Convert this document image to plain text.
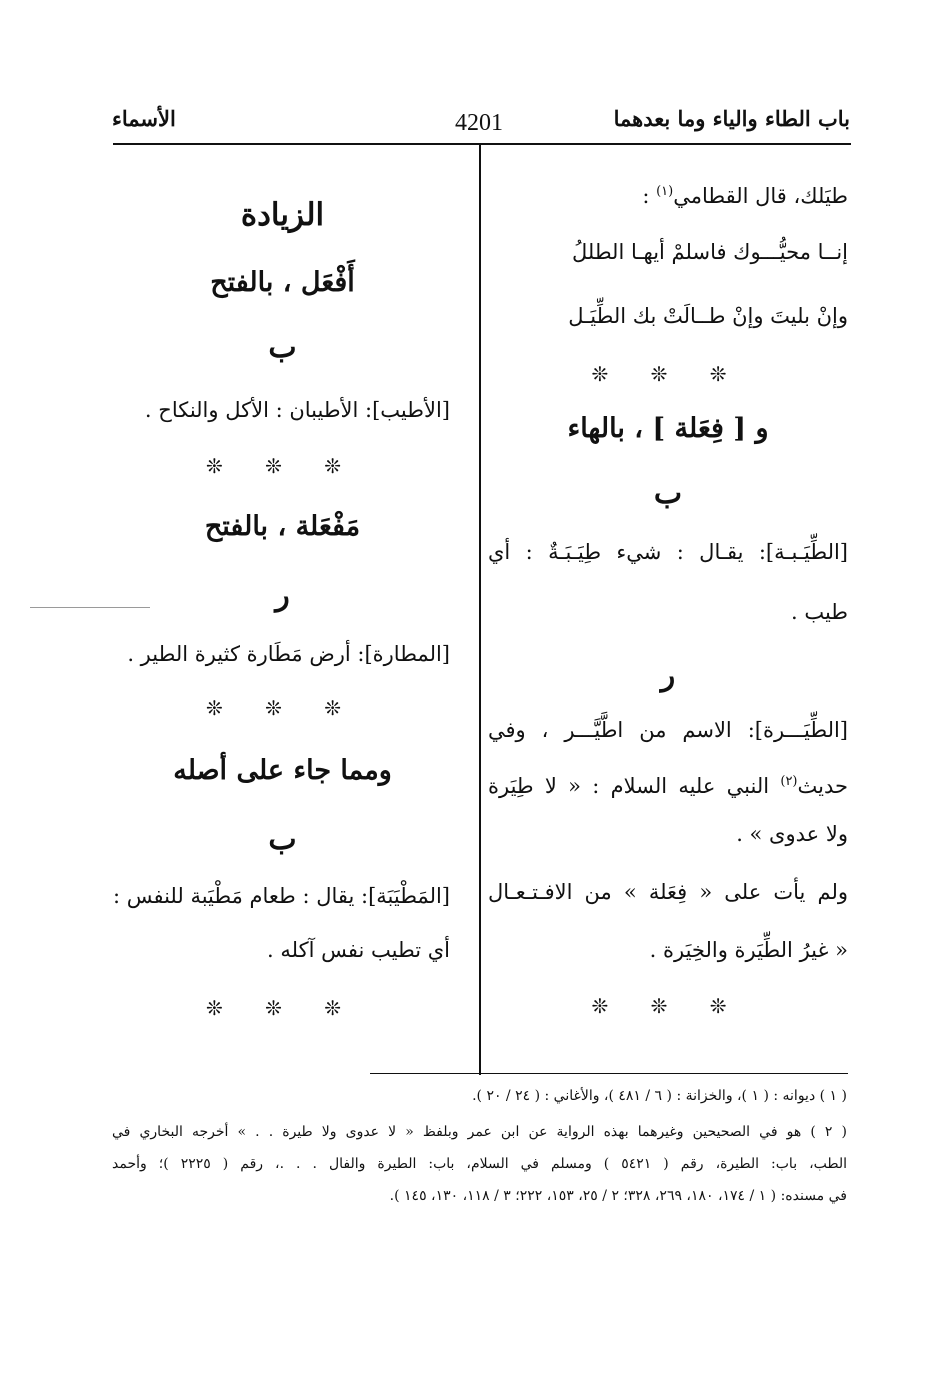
باب الطاء والياء وما بعدهما
4201
الأسماء
طيَلك، قال القطامي$^{(١)}$ :
إنــا محيُّـــوك فاسلمْ أيهـا الطللُ
وإنْ بليتَ وإنْ طــالَتْ بك الطِّيَـل
❊ ❊ ❊
و [ فِعَلة ] ، بالهاء
ب
[الطِّيَـبـة]: يقـال : شيء طِيَـبَـةٌ : أي
طيب .
ر
[الطِّيَـــرة]: الاسم من اطَّيَّـــر ، وفي
حديث$^{(٢)}$ النبي عليه السلام : « لا طِيَرة
ولا عدوى » .
ولم يأت على « فِعَلة » من الافـتـعـال
« غيرُ الطِّيَرة والخِيَرة .
❊ ❊ ❊
الزيادة
أَفْعَل ، بالفتح
ب
[الأطيب]: الأطيبان : الأكل والنكاح .
❊ ❊ ❊
مَفْعَلة ، بالفتح
ر
[المطارة]: أرض مَطَارة كثيرة الطير .
❊ ❊ ❊
ومما جاء على أصله
ب
[المَطْيَبَة]: يقال : طعام مَطْيَبة للنفس :
أي تطيب نفس آكله .
❊ ❊ ❊
( ١ ) ديوانه : ( ١ )، والخزانة : ( ٦ / ٤٨١ )، والأغاني : ( ٢٤ / ٢٠ ).
( ٢ ) هو في الصحيحين وغيرهما بهذه الرواية عن ابن عمر وبلفظ « لا عدوى ولا طيرة . . » أخرجه البخاري في
الطب، باب: الطيرة، رقم ( ٥٤٢١ ) ومسلم في السلام، باب: الطيرة والفال . . .، رقم ( ٢٢٢٥ )؛ وأحمد
في مسنده: ( ١ / ١٧٤، ١٨٠، ٢٦٩، ٣٢٨؛ ٢ / ٢٥، ١٥٣، ٢٢٢؛ ٣ / ١١٨، ١٣٠، ١٤٥ ).
